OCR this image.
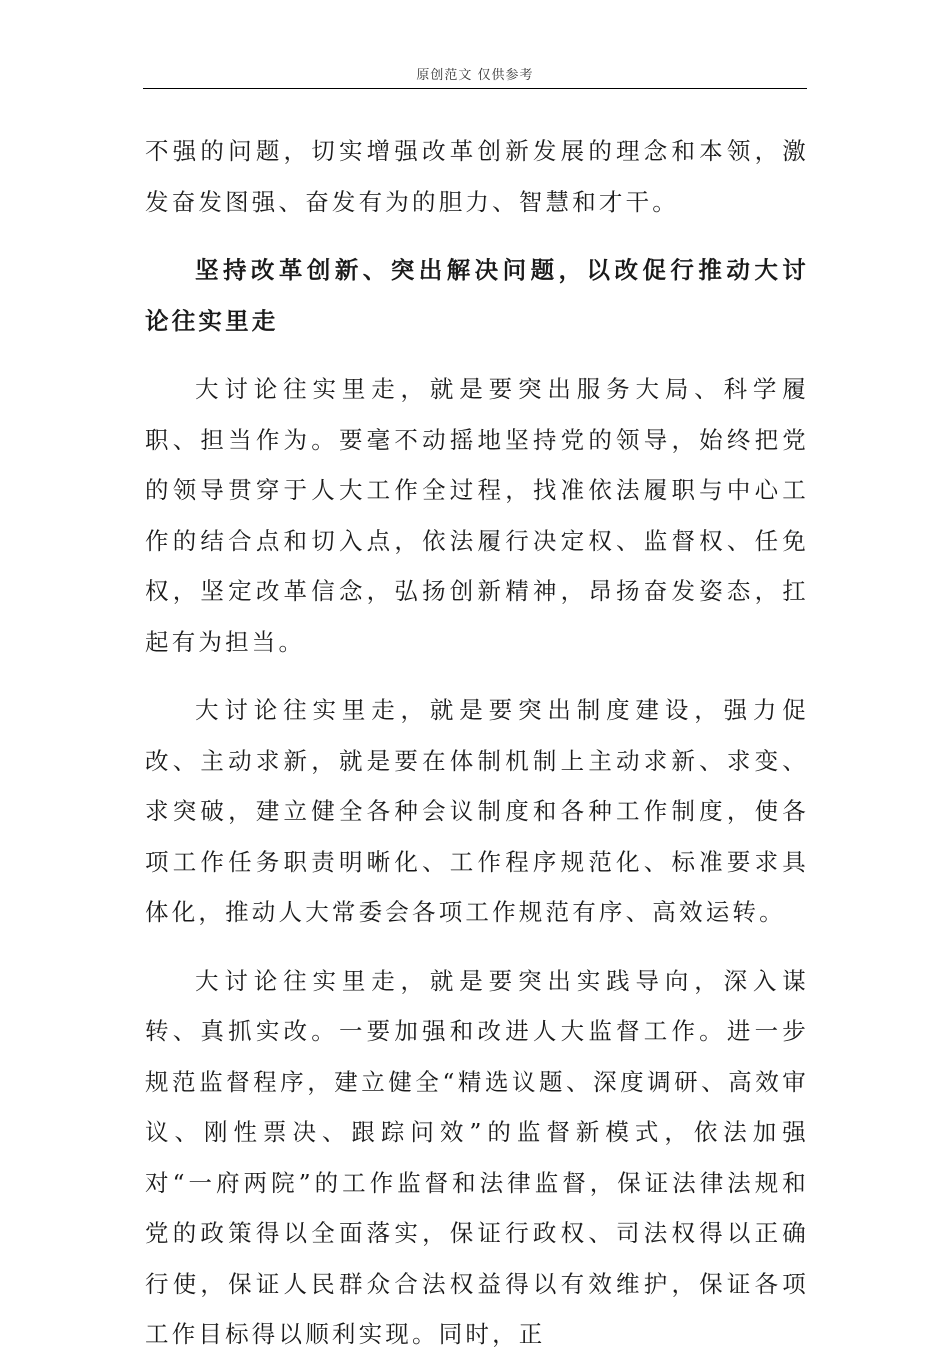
原创范文 仅供参考

不强的问题，切实增强改革创新发展的理念和本领，激发奋发图强、奋发有为的胆力、智慧和才干。

坚持改革创新、突出解决问题，以改促行推动大讨论往实里走

大讨论往实里走，就是要突出服务大局、科学履职、担当作为。要毫不动摇地坚持党的领导，始终把党的领导贯穿于人大工作全过程，找准依法履职与中心工作的结合点和切入点，依法履行决定权、监督权、任免权，坚定改革信念，弘扬创新精神，昂扬奋发姿态，扛起有为担当。

大讨论往实里走，就是要突出制度建设，强力促改、主动求新，就是要在体制机制上主动求新、求变、求突破，建立健全各种会议制度和各种工作制度，使各项工作任务职责明晰化、工作程序规范化、标准要求具体化，推动人大常委会各项工作规范有序、高效运转。

大讨论往实里走，就是要突出实践导向，深入谋转、真抓实改。一要加强和改进人大监督工作。进一步规范监督程序，建立健全“精选议题、深度调研、高效审议、刚性票决、跟踪问效”的监督新模式，依法加强对“一府两院”的工作监督和法律监督，保证法律法规和党的政策得以全面落实，保证行政权、司法权得以正确行使，保证人民群众合法权益得以有效维护，保证各项工作目标得以顺利实现。同时，正
